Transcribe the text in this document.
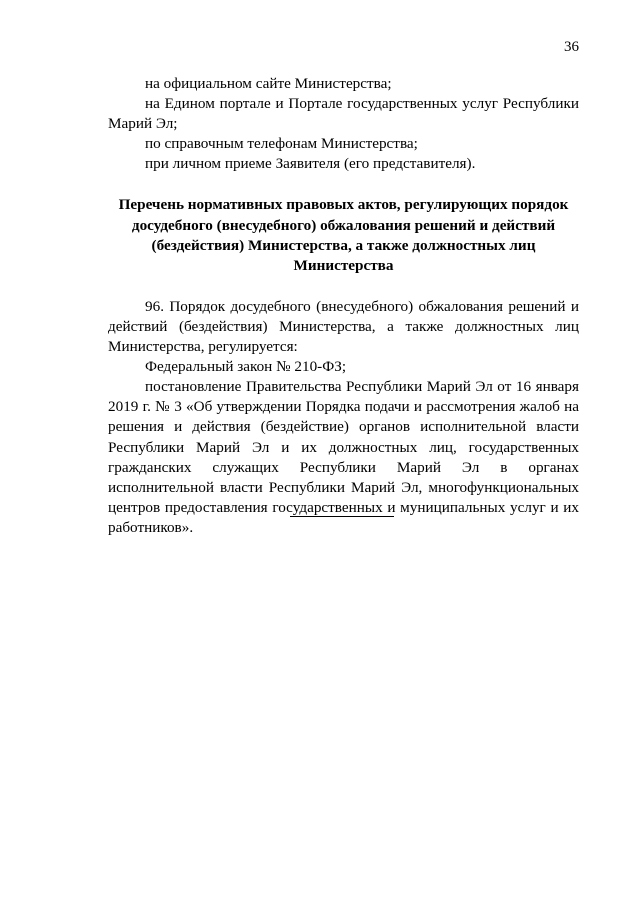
36

на официальном сайте Министерства;

на Едином портале и Портале государственных услуг Республики Марий Эл;

по справочным телефонам Министерства;

при личном приеме Заявителя (его представителя).

Перечень нормативных правовых актов, регулирующих порядок
досудебного (внесудебного) обжалования решений и действий
(бездействия) Министерства, а также должностных лиц
Министерства

96. Порядок досудебного (внесудебного) обжалования решений и действий (бездействия) Министерства, а также должностных лиц Министерства, регулируется:

Федеральный закон № 210-ФЗ;

постановление Правительства Республики Марий Эл от 16 января 2019 г. № 3 «Об утверждении Порядка подачи и рассмотрения жалоб на решения и действия (бездействие) органов исполнительной власти Республики Марий Эл и их должностных лиц, государственных гражданских служащих Республики Марий Эл в органах исполнительной власти Республики Марий Эл, многофункциональных центров предоставления государственных и муниципальных услуг и их работников».
